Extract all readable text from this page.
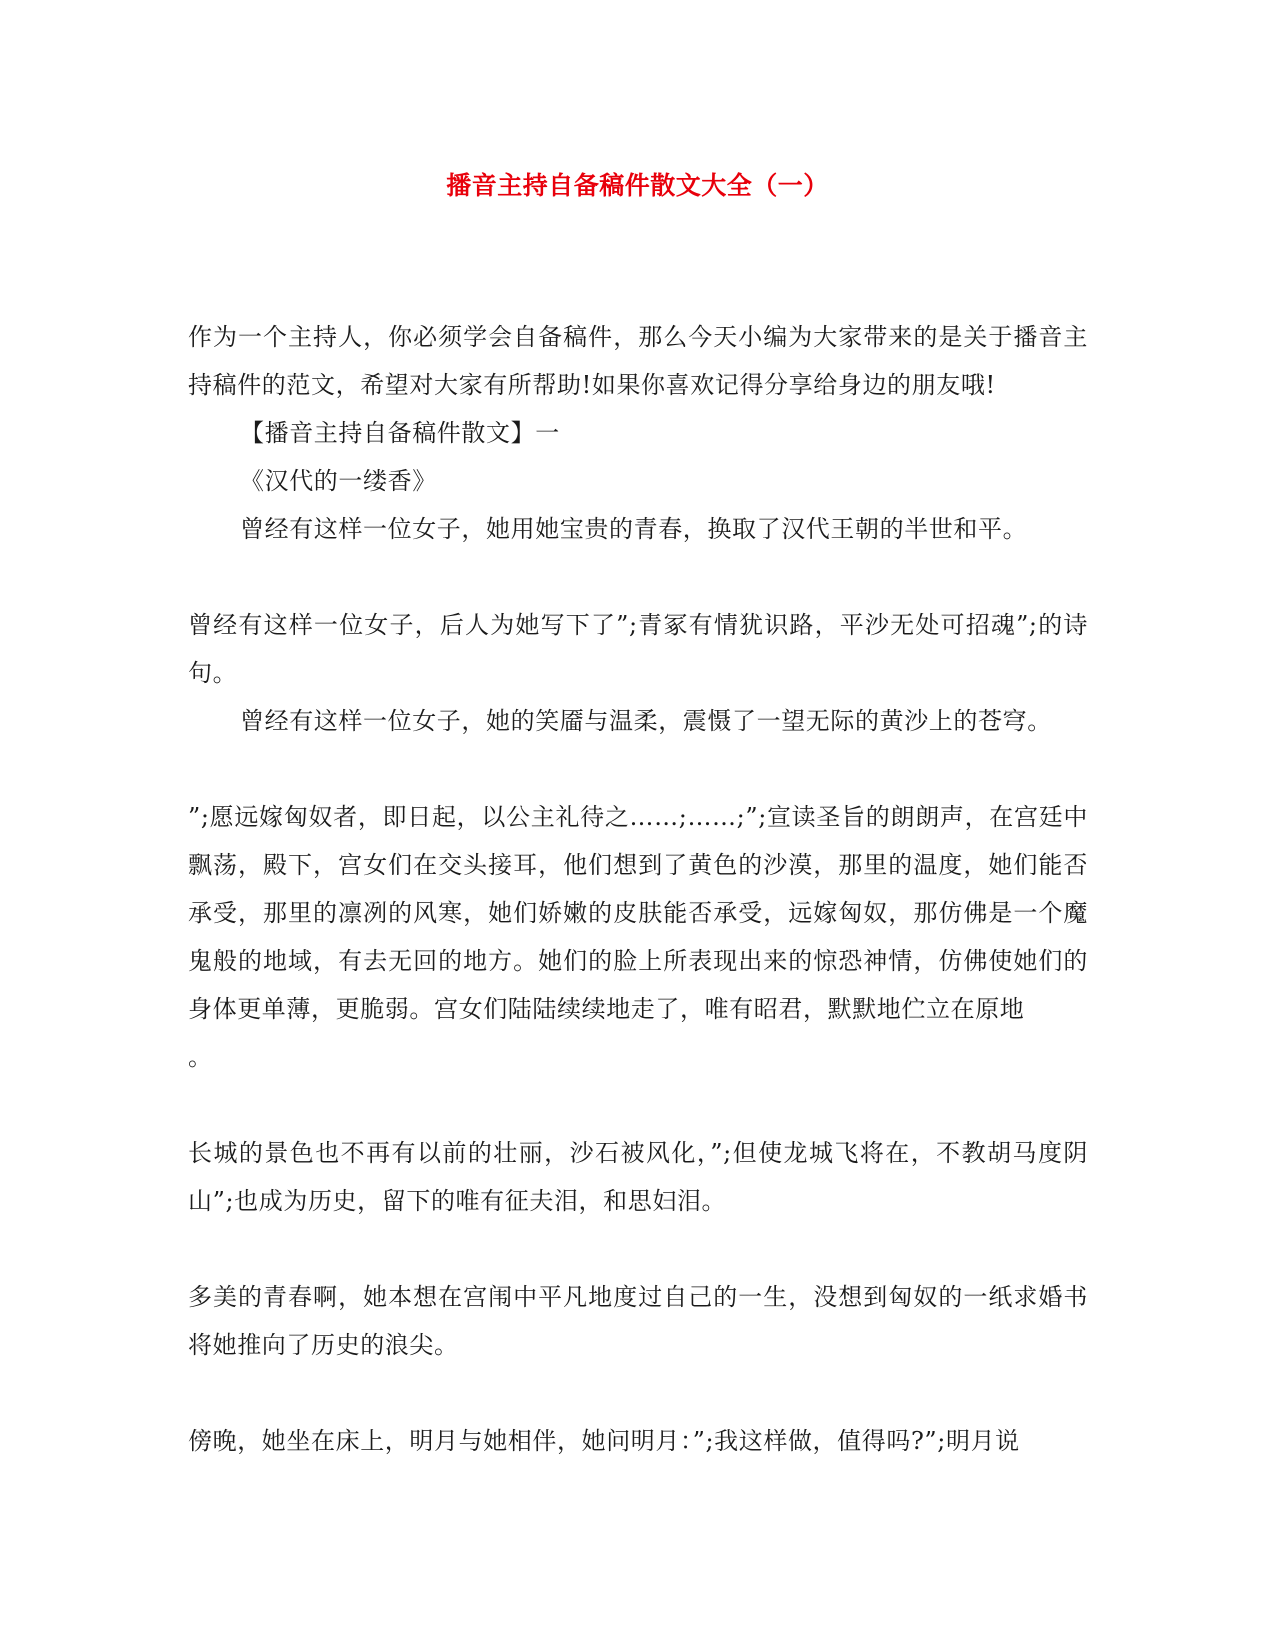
播音主持自备稿件散文大全（一）

作为一个主持人，你必须学会自备稿件，那么今天小编为大家带来的是关于播音主持稿件的范文，希望对大家有所帮助!如果你喜欢记得分享给身边的朋友哦!

【播音主持自备稿件散文】一

《汉代的一缕香》

曾经有这样一位女子，她用她宝贵的青春，换取了汉代王朝的半世和平。

曾经有这样一位女子，后人为她写下了”;青冢有情犹识路，平沙无处可招魂”;的诗句。

曾经有这样一位女子，她的笑靥与温柔，震慑了一望无际的黄沙上的苍穹。

”;愿远嫁匈奴者，即日起，以公主礼待之……;……;”;宣读圣旨的朗朗声，在宫廷中飘荡，殿下，宫女们在交头接耳，他们想到了黄色的沙漠，那里的温度，她们能否承受，那里的凛冽的风寒，她们娇嫩的皮肤能否承受，远嫁匈奴，那仿佛是一个魔鬼般的地域，有去无回的地方。她们的脸上所表现出来的惊恐神情，仿佛使她们的身体更单薄，更脆弱。宫女们陆陆续续地走了，唯有昭君，默默地伫立在原地

。

长城的景色也不再有以前的壮丽，沙石被风化，”;但使龙城飞将在，不教胡马度阴山”;也成为历史，留下的唯有征夫泪，和思妇泪。

多美的青春啊，她本想在宫闱中平凡地度过自己的一生，没想到匈奴的一纸求婚书将她推向了历史的浪尖。

傍晚，她坐在床上，明月与她相伴，她问明月：”;我这样做，值得吗?”;明月说
